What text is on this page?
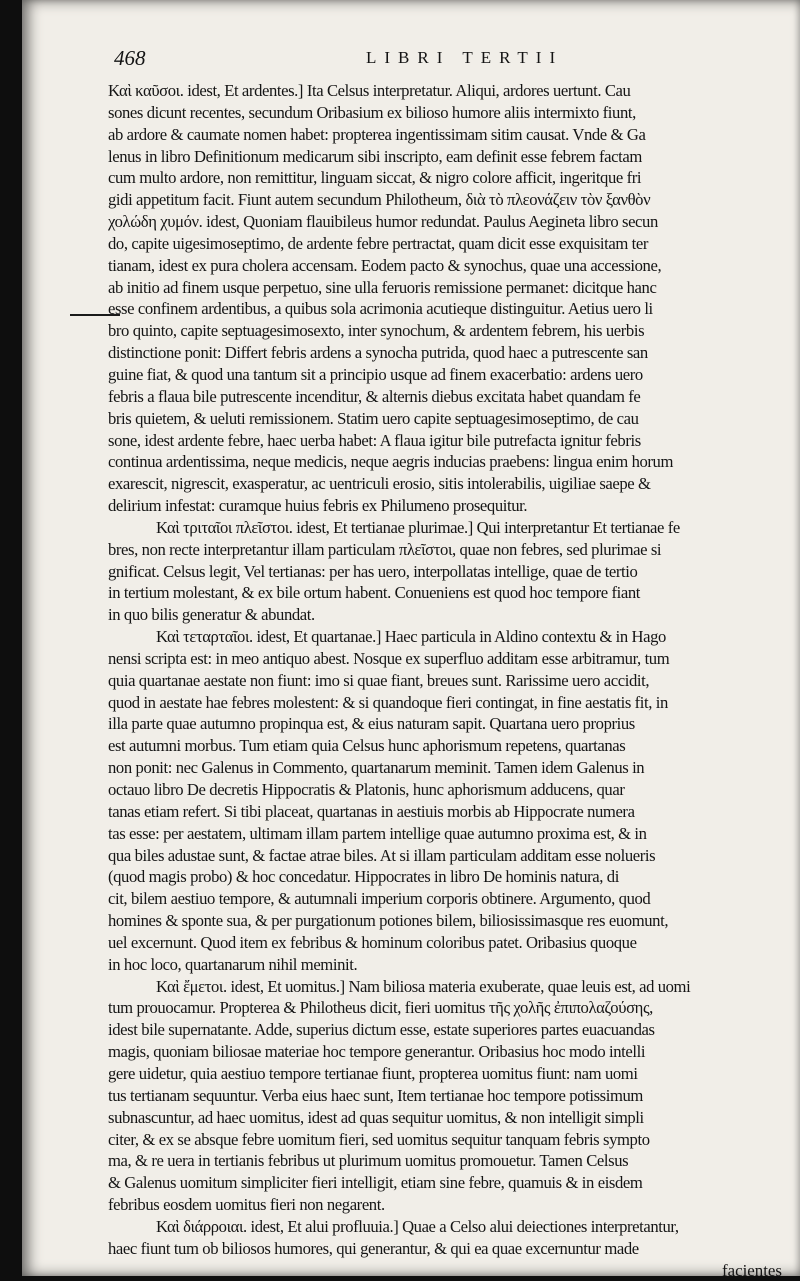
468	LIBRI TERTII
Καὶ καῦσοι. idest, Et ardentes.] Ita Celsus interpretatur. Aliqui, ardores uertunt. Cau
sones dicunt recentes, secundum Oribasium ex bilioso humore aliis intermixto fiunt,
ab ardore & caumate nomen habet: propterea ingentissimam sitim causat. Vnde & Ga
lenus in libro Definitionum medicarum sibi inscripto, eam definit esse febrem factam
cum multo ardore, non remittitur, linguam siccat, & nigro colore afficit, ingeritque fri
gidi appetitum facit. Fiunt autem secundum Philotheum, διὰ τὸ πλεονάζειν τὸν ξανθὸν
χολώδη χυμόν. idest, Quoniam flauibileus humor redundat. Paulus Aegineta libro secun
do, capite uigesimoseptimo, de ardente febre pertractat, quam dicit esse exquisitam ter
tianam, idest ex pura cholera accensam. Eodem pacto & synochus, quae una accessione,
ab initio ad finem usque perpetuo, sine ulla feruoris remissione permanet: dicitque hanc
esse confinem ardentibus, a quibus sola acrimonia acutieque distinguitur. Aetius uero li
bro quinto, capite septuagesimosexto, inter synochum, & ardentem febrem, his uerbis
distinctione ponit: Differt febris ardens a synocha putrida, quod haec a putrescente san
guine fiat, & quod una tantum sit a principio usque ad finem exacerbatio: ardens uero
febris a flaua bile putrescente incenditur, & alternis diebus excitata habet quandam fe
bris quietem, & ueluti remissionem. Statim uero capite septuagesimoseptimo, de cau
sone, idest ardente febre, haec uerba habet: A flaua igitur bile putrefacta ignitur febris
continua ardentissima, neque medicis, neque aegris inducias praebens: lingua enim horum
exarescit, nigrescit, exasperatur, ac uentriculi erosio, sitis intolerabilis, uigiliae saepe &
delirium infestat: curamque huius febris ex Philumeno prosequitur.
Καὶ τριταῖοι πλεῖστοι. idest, Et tertianae plurimae.] Qui interpretantur Et tertianae fe
bres, non recte interpretantur illam particulam πλεῖστοι, quae non febres, sed plurimae si
gnificat. Celsus legit, Vel tertianas: per has uero, interpollatas intellige, quae de tertio
in tertium molestant, & ex bile ortum habent. Conueniens est quod hoc tempore fiant
in quo bilis generatur & abundat.
Καὶ τεταρταῖοι. idest, Et quartanae.] Haec particula in Aldino contextu & in Hago
nensi scripta est: in meo antiquo abest. Nosque ex superfluo additam esse arbitramur, tum
quia quartanae aestate non fiunt: imo si quae fiant, breues sunt. Rarissime uero accidit,
quod in aestate hae febres molestent: & si quandoque fieri contingat, in fine aestatis fit, in
illa parte quae autumno propinqua est, & eius naturam sapit. Quartana uero proprius
est autumni morbus. Tum etiam quia Celsus hunc aphorismum repetens, quartanas
non ponit: nec Galenus in Commento, quartanarum meminit. Tamen idem Galenus in
octauo libro De decretis Hippocratis & Platonis, hunc aphorismum adducens, quar
tanas etiam refert. Si tibi placeat, quartanas in aestiuis morbis ab Hippocrate numera
tas esse: per aestatem, ultimam illam partem intellige quae autumno proxima est, & in
qua biles adustae sunt, & factae atrae biles. At si illam particulam additam esse nolueris
(quod magis probo) & hoc concedatur. Hippocrates in libro De hominis natura, di
cit, bilem aestiuo tempore, & autumnali imperium corporis obtinere. Argumento, quod
homines & sponte sua, & per purgationum potiones bilem, biliosissimasque res euomunt,
uel excernunt. Quod item ex febribus & hominum coloribus patet. Oribasius quoque
in hoc loco, quartanarum nihil meminit.
Καὶ ἔμετοι. idest, Et uomitus.] Nam biliosa materia exuberate, quae leuis est, ad uomi
tum prouocamur. Propterea & Philotheus dicit, fieri uomitus τῆς χολῆς ἐπιπολαζούσης,
idest bile supernatante. Adde, superius dictum esse, estate superiores partes euacuandas
magis, quoniam biliosae materiae hoc tempore generantur. Oribasius hoc modo intelli
gere uidetur, quia aestiuo tempore tertianae fiunt, propterea uomitus fiunt: nam uomi
tus tertianam sequuntur. Verba eius haec sunt, Item tertianae hoc tempore potissimum
subnascuntur, ad haec uomitus, idest ad quas sequitur uomitus, & non intelligit simpli
citer, & ex se absque febre uomitum fieri, sed uomitus sequitur tanquam febris sympto
ma, & re uera in tertianis febribus ut plurimum uomitus promouetur. Tamen Celsus
& Galenus uomitum simpliciter fieri intelligit, etiam sine febre, quamuis & in eisdem
febribus eosdem uomitus fieri non negarent.
Καὶ διάρροιαι. idest, Et alui profluuia.] Quae a Celso alui deiectiones interpretantur,
haec fiunt tum ob biliosos humores, qui generantur, & qui ea quae excernuntur made
facientes
